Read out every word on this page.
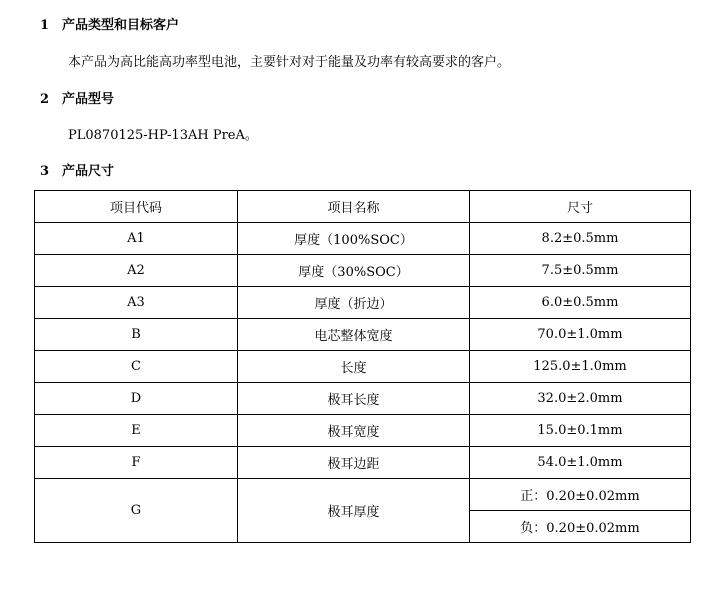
1 产品类型和目标客户
本产品为高比能高功率型电池，主要针对对于能量及功率有较高要求的客户。
2 产品型号
PL0870125-HP-13AH PreA。
3 产品尺寸
项目代码	项目名称	尺寸
A1	厚度（100%SOC）	8.2±0.5mm
A2	厚度（30%SOC）	7.5±0.5mm
A3	厚度（折边）	6.0±0.5mm
B	电芯整体宽度	70.0±1.0mm
C	长度	125.0±1.0mm
D	极耳长度	32.0±2.0mm
E	极耳宽度	15.0±0.1mm
F	极耳边距	54.0±1.0mm
G	极耳厚度	正：0.20±0.02mm
		负：0.20±0.02mm
